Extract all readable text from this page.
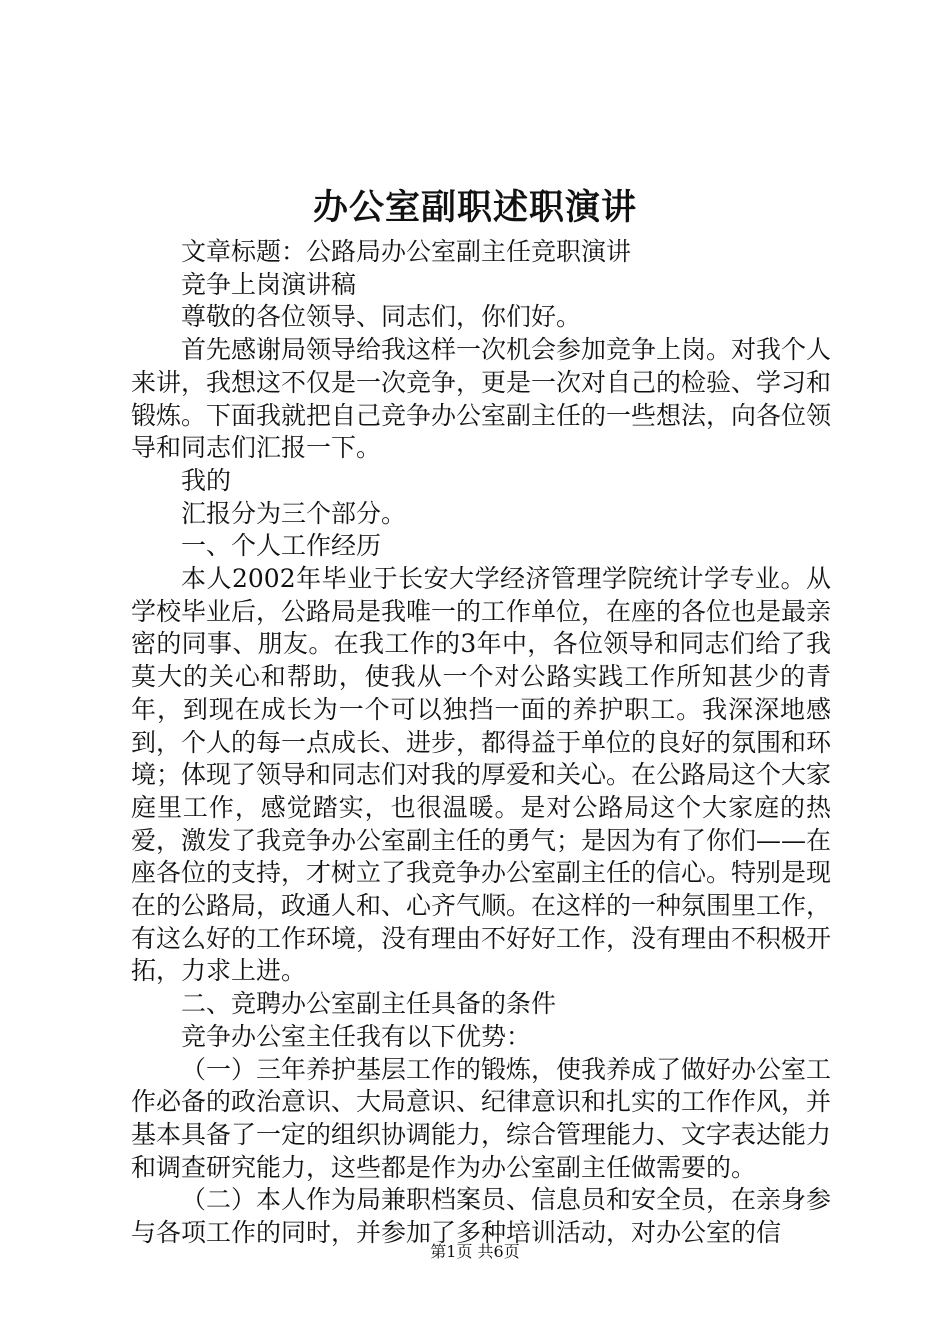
办公室副职述职演讲

文章标题：公路局办公室副主任竞职演讲

竞争上岗演讲稿

尊敬的各位领导、同志们，你们好。

首先感谢局领导给我这样一次机会参加竞争上岗。对我个人来讲，我想这不仅是一次竞争，更是一次对自己的检验、学习和锻炼。下面我就把自己竞争办公室副主任的一些想法，向各位领导和同志们汇报一下。

我的

汇报分为三个部分。

一、个人工作经历

本人2002年毕业于长安大学经济管理学院统计学专业。从学校毕业后，公路局是我唯一的工作单位，在座的各位也是最亲密的同事、朋友。在我工作的3年中，各位领导和同志们给了我莫大的关心和帮助，使我从一个对公路实践工作所知甚少的青年，到现在成长为一个可以独挡一面的养护职工。我深深地感到，个人的每一点成长、进步，都得益于单位的良好的氛围和环境；体现了领导和同志们对我的厚爱和关心。在公路局这个大家庭里工作，感觉踏实，也很温暖。是对公路局这个大家庭的热爱，激发了我竞争办公室副主任的勇气；是因为有了你们——在座各位的支持，才树立了我竞争办公室副主任的信心。特别是现在的公路局，政通人和、心齐气顺。在这样的一种氛围里工作，有这么好的工作环境，没有理由不好好工作，没有理由不积极开拓，力求上进。

二、竞聘办公室副主任具备的条件

竞争办公室主任我有以下优势：

（一）三年养护基层工作的锻炼，使我养成了做好办公室工作必备的政治意识、大局意识、纪律意识和扎实的工作作风，并基本具备了一定的组织协调能力，综合管理能力、文字表达能力和调查研究能力，这些都是作为办公室副主任做需要的。

（二）本人作为局兼职档案员、信息员和安全员，在亲身参与各项工作的同时，并参加了多种培训活动，对办公室的信

第1页 共6页
